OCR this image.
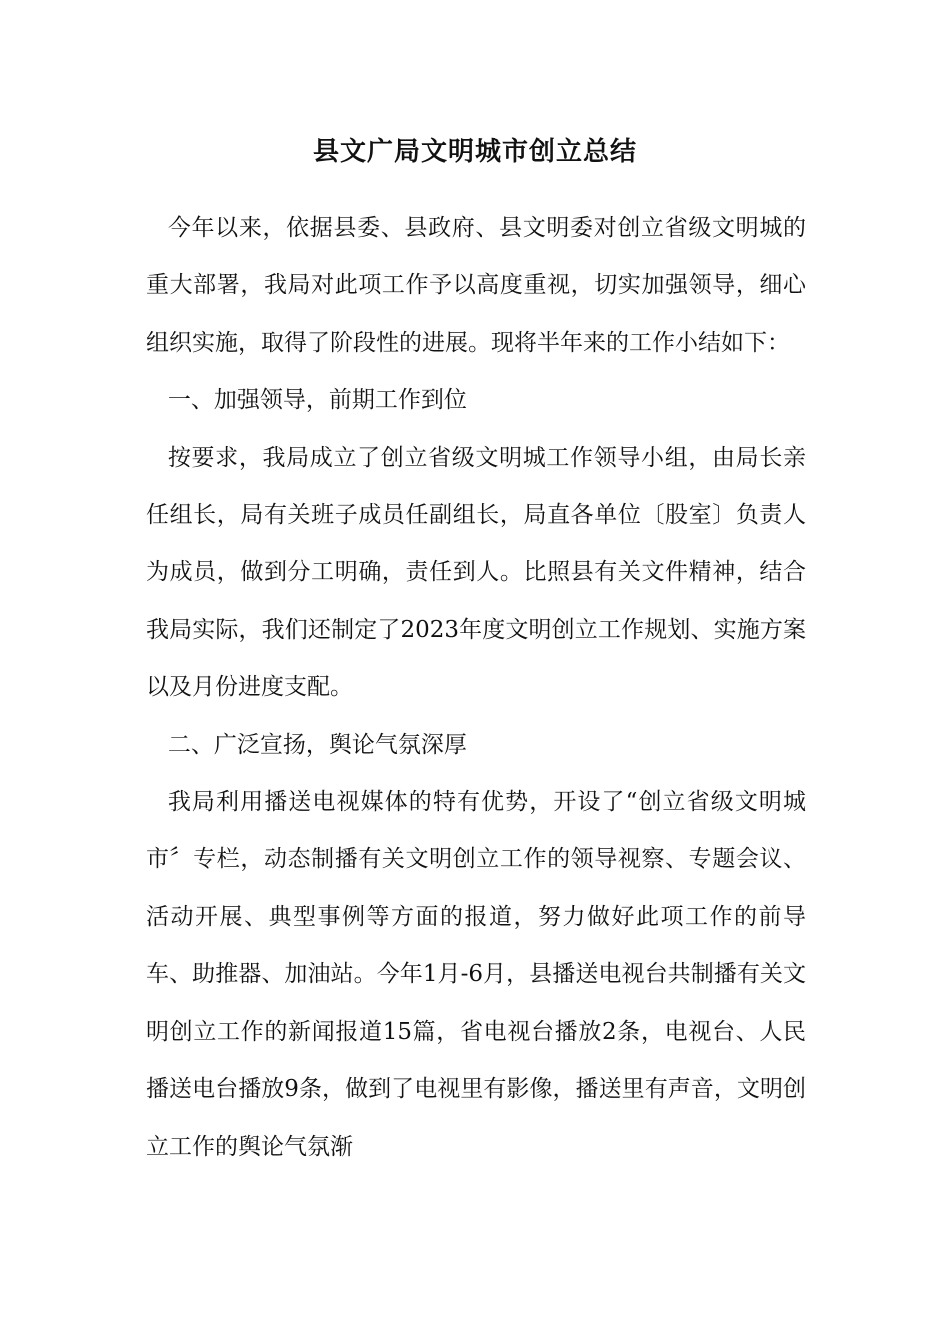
县文广局文明城市创立总结

今年以来，依据县委、县政府、县文明委对创立省级文明城的重大部署，我局对此项工作予以高度重视，切实加强领导，细心组织实施，取得了阶段性的进展。现将半年来的工作小结如下：

一、加强领导，前期工作到位

按要求，我局成立了创立省级文明城工作领导小组，由局长亲任组长，局有关班子成员任副组长，局直各单位〔股室〕负责人为成员，做到分工明确，责任到人。比照县有关文件精神，结合我局实际，我们还制定了2023年度文明创立工作规划、实施方案以及月份进度支配。

二、广泛宣扬，舆论气氛深厚

我局利用播送电视媒体的特有优势，开设了“创立省级文明城市〞专栏，动态制播有关文明创立工作的领导视察、专题会议、活动开展、典型事例等方面的报道，努力做好此项工作的前导车、助推器、加油站。今年1月-6月，县播送电视台共制播有关文明创立工作的新闻报道15篇，省电视台播放2条，电视台、人民播送电台播放9条，做到了电视里有影像，播送里有声音，文明创立工作的舆论气氛渐
